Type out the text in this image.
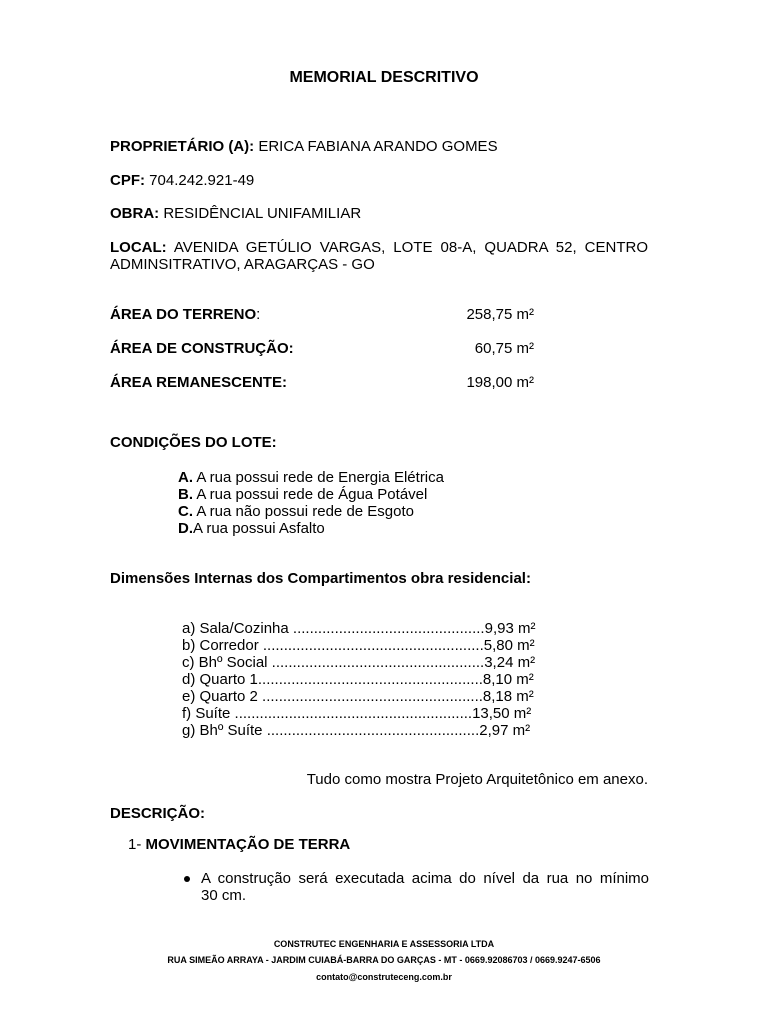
MEMORIAL DESCRITIVO
PROPRIETÁRIO (A): ERICA FABIANA ARANDO GOMES
CPF: 704.242.921-49
OBRA: RESIDÊNCIAL UNIFAMILIAR
LOCAL: AVENIDA GETÚLIO VARGAS, LOTE 08-A, QUADRA 52, CENTRO
ADMINSITRATIVO, ARAGARÇAS - GO
ÁREA DO TERRENO:	258,75 m²
ÁREA DE CONSTRUÇÃO:	60,75 m²
ÁREA REMANESCENTE:	198,00 m²
CONDIÇÕES DO LOTE:
A. A rua possui rede de Energia Elétrica
B. A rua possui rede de Água Potável
C. A rua não possui rede de Esgoto
D.A rua possui Asfalto
Dimensões Internas dos Compartimentos obra residencial:
a) Sala/Cozinha ..............................................9,93 m²
b) Corredor .....................................................5,80 m²
c) Bhº Social ...................................................3,24 m²
d) Quarto 1......................................................8,10 m²
e) Quarto 2 .....................................................8,18 m²
f) Suíte .........................................................13,50 m²
g) Bhº Suíte ...................................................2,97 m²
Tudo como mostra Projeto Arquitetônico em anexo.
DESCRIÇÃO:
1- MOVIMENTAÇÃO DE TERRA
A construção será executada acima do nível da rua no mínimo
30 cm.
CONSTRUTEC ENGENHARIA E ASSESSORIA LTDA
RUA SIMEÃO ARRAYA - JARDIM CUIABÁ-BARRA DO GARÇAS - MT - 0669.92086703 / 0669.9247-6506
contato@construteceng.com.br
